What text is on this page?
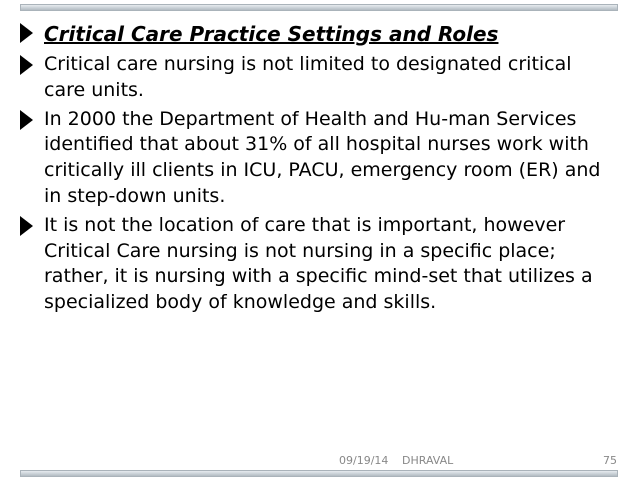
Critical Care Practice Settings and Roles
Critical care nursing is not limited to designated critical care units.
In 2000 the Department of Health and Hu-man Services identified that about 31% of all hospital nurses work with critically ill clients in ICU, PACU, emergency room (ER) and in step-down units.
It is not the location of care that is important, however Critical Care nursing is not nursing in a specific place; rather, it is nursing with a specific mind-set that utilizes a specialized body of knowledge and skills.
09/19/14 DHRAVAL	75
